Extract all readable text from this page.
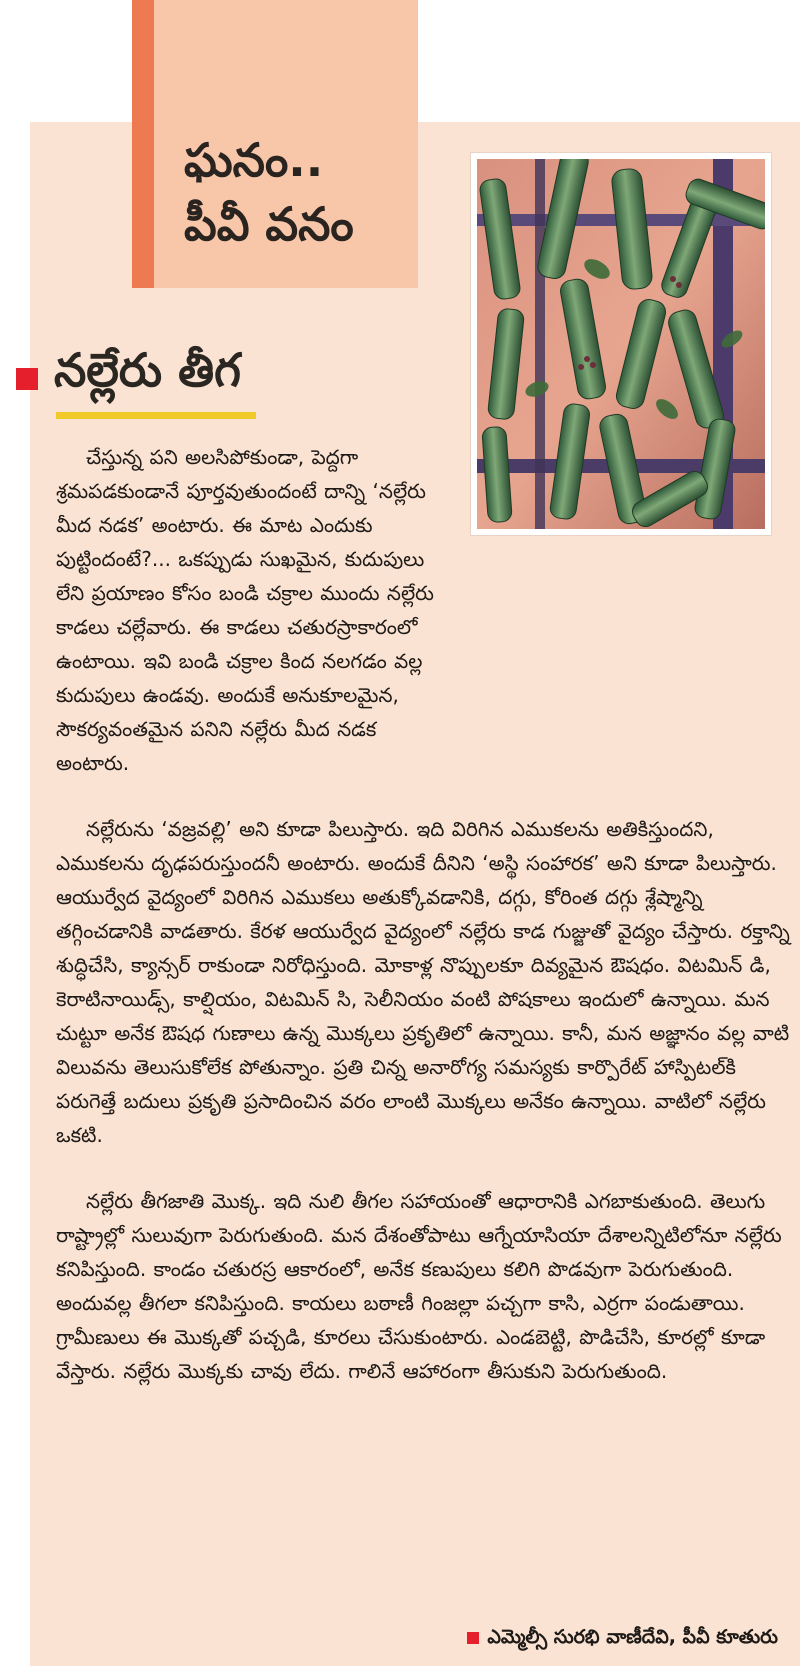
ఘనం..
పీవీ వనం
నల్లేరు తీగ

చేస్తున్న పని అలసిపోకుండా, పెద్దగా శ్రమపడకుండానే పూర్తవుతుందంటే దాన్ని ‘నల్లేరు మీద నడక’ అంటారు. ఈ మాట ఎందుకు పుట్టిందంటే?... ఒకప్పుడు సుఖమైన, కుదుపులు లేని ప్రయాణం కోసం బండి చక్రాల ముందు నల్లేరు కాడలు చల్లేవారు. ఈ కాడలు చతురస్రాకారంలో ఉంటాయి. ఇవి బండి చక్రాల కింద నలగడం వల్ల కుదుపులు ఉండవు. అందుకే అనుకూలమైన, సౌకర్యవంతమైన పనిని నల్లేరు మీద నడక అంటారు.

నల్లేరును ‘వజ్రవల్లి’ అని కూడా పిలుస్తారు. ఇది విరిగిన ఎముకలను అతికిస్తుందని, ఎముకలను దృఢపరుస్తుందనీ అంటారు. అందుకే దీనిని ‘అస్థి సంహారక’ అని కూడా పిలుస్తారు. ఆయుర్వేద వైద్యంలో విరిగిన ఎముకలు అతుక్కోవడానికి, దగ్గు, కోరింత దగ్గు శ్లేష్మాన్ని తగ్గించడానికి వాడతారు. కేరళ ఆయుర్వేద వైద్యంలో నల్లేరు కాడ గుజ్జుతో వైద్యం చేస్తారు. రక్తాన్ని శుద్ధిచేసి, క్యాన్సర్ రాకుండా నిరోధిస్తుంది. మోకాళ్ల నొప్పులకూ దివ్యమైన ఔషధం. విటమిన్ డి, కెరాటినాయిడ్స్, కాల్షియం, విటమిన్ సి, సెలీనియం వంటి పోషకాలు ఇందులో ఉన్నాయి. మన చుట్టూ అనేక ఔషధ గుణాలు ఉన్న మొక్కలు ప్రకృతిలో ఉన్నాయి. కానీ, మన అజ్ఞానం వల్ల వాటి విలువను తెలుసుకోలేక పోతున్నాం. ప్రతి చిన్న అనారోగ్య సమస్యకు కార్పొరేట్ హాస్పిటల్‌కి పరుగెత్తే బదులు ప్రకృతి ప్రసాదించిన వరం లాంటి మొక్కలు అనేకం ఉన్నాయి. వాటిలో నల్లేరు ఒకటి.

నల్లేరు తీగజాతి మొక్క. ఇది నులి తీగల సహాయంతో ఆధారానికి ఎగబాకుతుంది. తెలుగు రాష్ట్రాల్లో సులువుగా పెరుగుతుంది. మన దేశంతోపాటు ఆగ్నేయాసియా దేశాలన్నిటిలోనూ నల్లేరు కనిపిస్తుంది. కాండం చతురస్ర ఆకారంలో, అనేక కణుపులు కలిగి పొడవుగా పెరుగుతుంది. అందువల్ల తీగలా కనిపిస్తుంది. కాయలు బఠాణీ గింజల్లా పచ్చగా కాసి, ఎర్రగా పండుతాయి. గ్రామీణులు ఈ మొక్కతో పచ్చడి, కూరలు చేసుకుంటారు. ఎండబెట్టి, పొడిచేసి, కూరల్లో కూడా వేస్తారు. నల్లేరు మొక్కకు చావు లేదు. గాలినే ఆహారంగా తీసుకుని పెరుగుతుంది.

ఎమ్మెల్సీ సురభి వాణీదేవి, పీవీ కూతురు
